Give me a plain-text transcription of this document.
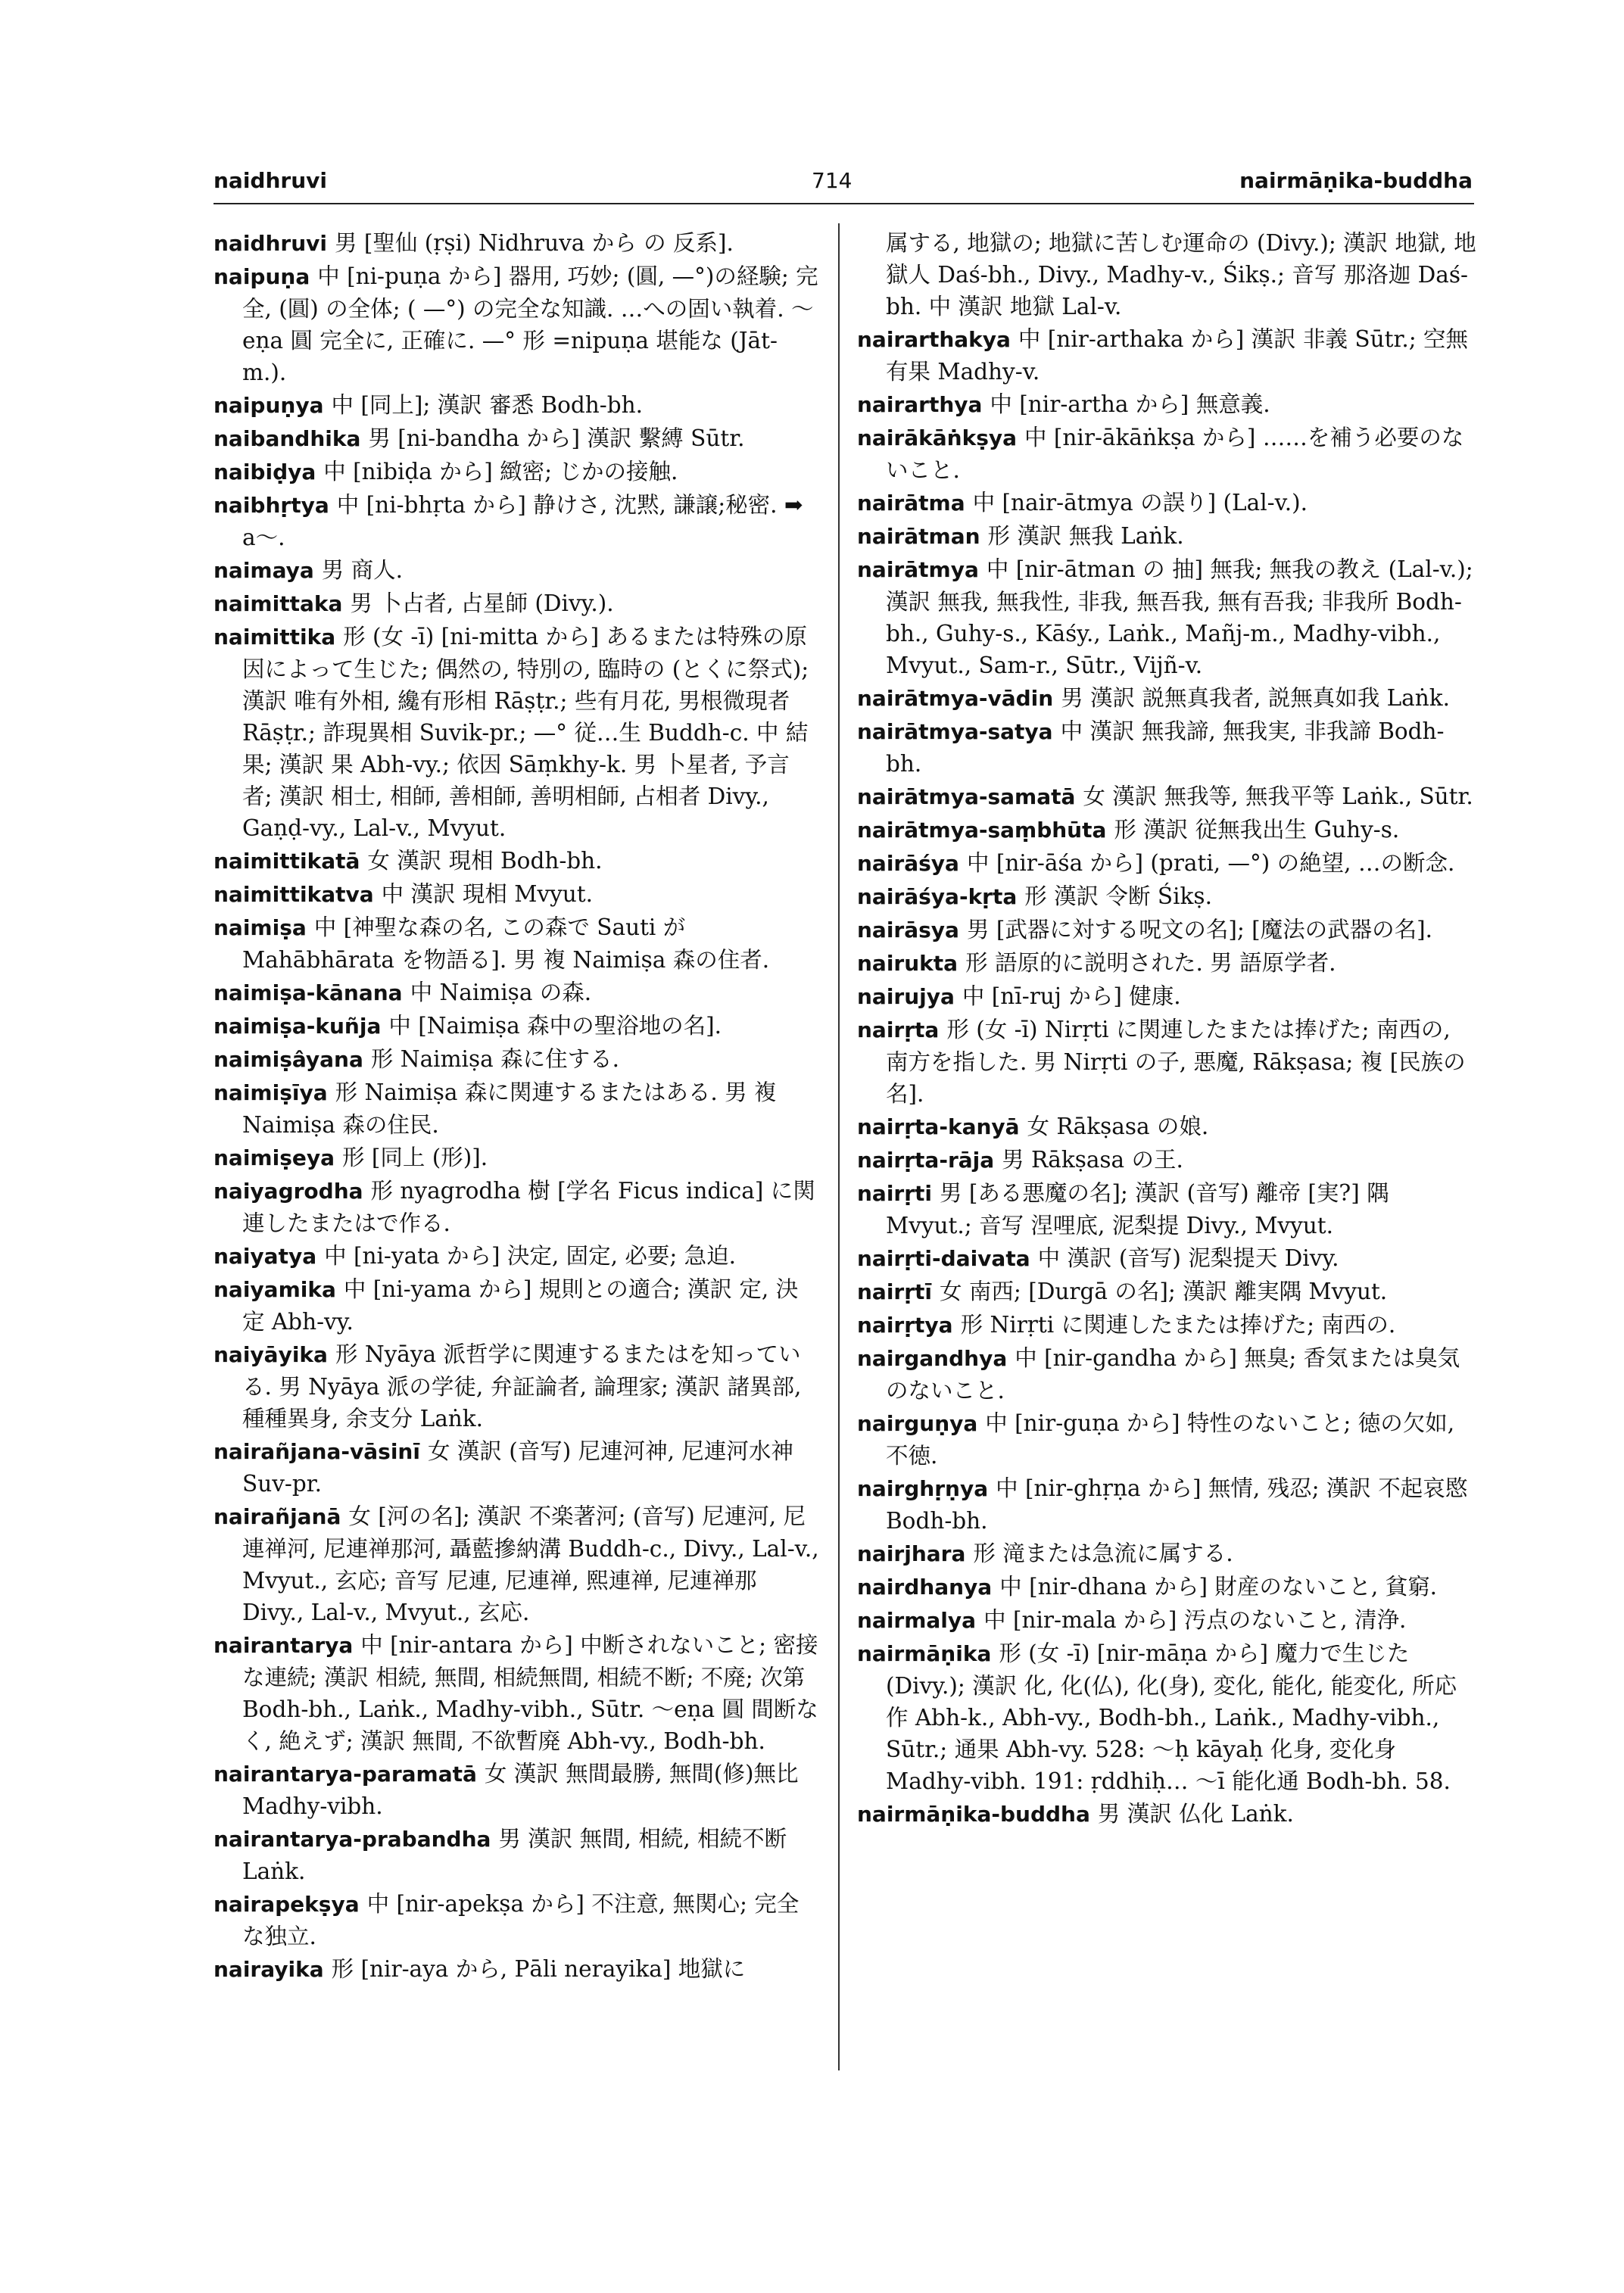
naidhruvi	714	nairmāṇika-buddha

naidhruvi 男 [聖仙 (ṛṣi) Nidhruva から の 反系].

naipuṇa 中 [ni-puṇa から] 器用, 巧妙; (圓, —°)の経験; 完全, (圓) の全体; ( —°) の完全な知識. …への固い執着. ～eṇa 圓 完全に, 正確に. —° 形 =nipuṇa 堪能な (Jāt-m.).

naipuṇya 中 [同上]; 漢訳 審悉 Bodh-bh.

naibandhika 男 [ni-bandha から] 漢訳 繫縛 Sūtr.

naibiḍya 中 [nibiḍa から] 緻密; じかの接触.

naibhṛtya 中 [ni-bhṛta から] 静けさ, 沈黙, 謙譲;秘密. ➡ a～.

naimaya 男 商人.

naimittaka 男 卜占者, 占星師 (Divy.).

naimittika 形 (女 -ī) [ni-mitta から] あるまたは特殊の原因によって生じた; 偶然の, 特別の, 臨時の (とくに祭式); 漢訳 唯有外相, 纔有形相 Rāṣṭr.; 些有月花, 男根微現者 Rāṣṭr.; 詐現異相 Suvik-pr.; —° 従…生 Buddh-c. 中 結果; 漢訳 果 Abh-vy.; 依因 Sāṃkhy-k. 男 卜星者, 予言者; 漢訳 相士, 相師, 善相師, 善明相師, 占相者 Divy., Gaṇḍ-vy., Lal-v., Mvyut.

naimittikatā 女 漢訳 現相 Bodh-bh.

naimittikatva 中 漢訳 現相 Mvyut.

naimiṣa 中 [神聖な森の名, この森で Sauti が Mahābhārata を物語る]. 男 複 Naimiṣa 森の住者.

naimiṣa-kānana 中 Naimiṣa の森.

naimiṣa-kuñja 中 [Naimiṣa 森中の聖浴地の名].

naimiṣâyana 形 Naimiṣa 森に住する.

naimiṣīya 形 Naimiṣa 森に関連するまたはある. 男 複 Naimiṣa 森の住民.

naimiṣeya 形 [同上 (形)].

naiyagrodha 形 nyagrodha 樹 [学名 Ficus indica] に関連したまたはで作る.

naiyatya 中 [ni-yata から] 決定, 固定, 必要; 急迫.

naiyamika 中 [ni-yama から] 規則との適合; 漢訳 定, 決定 Abh-vy.

naiyāyika 形 Nyāya 派哲学に関連するまたはを知っている. 男 Nyāya 派の学徒, 弁証論者, 論理家; 漢訳 諸異部, 種種異身, 余支分 Laṅk.

nairañjana-vāsinī 女 漢訳 (音写) 尼連河神, 尼連河水神 Suv-pr.

nairañjanā 女 [河の名]; 漢訳 不楽著河; (音写) 尼連河, 尼連禅河, 尼連禅那河, 聶藍摻納溝 Buddh-c., Divy., Lal-v., Mvyut., 玄応; 音写 尼連, 尼連禅, 熙連禅, 尼連禅那 Divy., Lal-v., Mvyut., 玄応.

nairantarya 中 [nir-antara から] 中断されないこと; 密接な連続; 漢訳 相続, 無間, 相続無間, 相続不断; 不廃; 次第 Bodh-bh., Laṅk., Madhy-vibh., Sūtr. ～eṇa 圓 間断なく, 絶えず; 漢訳 無間, 不欲暫廃 Abh-vy., Bodh-bh.

nairantarya-paramatā 女 漢訳 無間最勝, 無間(修)無比 Madhy-vibh.

nairantarya-prabandha 男 漢訳 無間, 相続, 相続不断 Laṅk.

nairapekṣya 中 [nir-apekṣa から] 不注意, 無関心; 完全な独立.

nairayika 形 [nir-aya から, Pāli nerayika] 地獄に

属する, 地獄の; 地獄に苦しむ運命の (Divy.); 漢訳 地獄, 地獄人 Daś-bh., Divy., Madhy-v., Śikṣ.; 音写 那洛迦 Daś-bh. 中 漢訳 地獄 Lal-v.

nairarthakya 中 [nir-arthaka から] 漢訳 非義 Sūtr.; 空無有果 Madhy-v.

nairarthya 中 [nir-artha から] 無意義.

nairākāṅkṣya 中 [nir-ākāṅkṣa から] ……を補う必要のないこと.

nairātma 中 [nair-ātmya の誤り] (Lal-v.).

nairātman 形 漢訳 無我 Laṅk.

nairātmya 中 [nir-ātman の 抽] 無我; 無我の教え (Lal-v.); 漢訳 無我, 無我性, 非我, 無吾我, 無有吾我; 非我所 Bodh-bh., Guhy-s., Kāśy., Laṅk., Mañj-m., Madhy-vibh., Mvyut., Sam-r., Sūtr., Vijñ-v.

nairātmya-vādin 男 漢訳 説無真我者, 説無真如我 Laṅk.

nairātmya-satya 中 漢訳 無我諦, 無我実, 非我諦 Bodh-bh.

nairātmya-samatā 女 漢訳 無我等, 無我平等 Laṅk., Sūtr.

nairātmya-saṃbhūta 形 漢訳 従無我出生 Guhy-s.

nairāśya 中 [nir-āśa から] (prati, —°) の絶望, …の断念.

nairāśya-kṛta 形 漢訳 令断 Śikṣ.

nairāsya 男 [武器に対する呪文の名]; [魔法の武器の名].

nairukta 形 語原的に説明された. 男 語原学者.

nairujya 中 [nī-ruj から] 健康.

nairṛta 形 (女 -ī) Nirṛti に関連したまたは捧げた; 南西の, 南方を指した. 男 Nirṛti の子, 悪魔, Rākṣasa; 複 [民族の名].

nairṛta-kanyā 女 Rākṣasa の娘.

nairṛta-rāja 男 Rākṣasa の王.

nairṛti 男 [ある悪魔の名]; 漢訳 (音写) 離帝 [実?] 隅 Mvyut.; 音写 涅哩底, 泥梨提 Divy., Mvyut.

nairṛti-daivata 中 漢訳 (音写) 泥梨提天 Divy.

nairṛtī 女 南西; [Durgā の名]; 漢訳 離実隅 Mvyut.

nairṛtya 形 Nirṛti に関連したまたは捧げた; 南西の.

nairgandhya 中 [nir-gandha から] 無臭; 香気または臭気のないこと.

nairguṇya 中 [nir-guṇa から] 特性のないこと; 徳の欠如, 不徳.

nairghṛṇya 中 [nir-ghṛṇa から] 無情, 残忍; 漢訳 不起哀愍 Bodh-bh.

nairjhara 形 滝または急流に属する.

nairdhanya 中 [nir-dhana から] 財産のないこと, 貧窮.

nairmalya 中 [nir-mala から] 汚点のないこと, 清浄.

nairmāṇika 形 (女 -ī) [nir-māṇa から] 魔力で生じた (Divy.); 漢訳 化, 化(仏), 化(身), 変化, 能化, 能変化, 所応作 Abh-k., Abh-vy., Bodh-bh., Laṅk., Madhy-vibh., Sūtr.; 通果 Abh-vy. 528: ～ḥ kāyaḥ 化身, 変化身 Madhy-vibh. 191: ṛddhiḥ… ～ī 能化通 Bodh-bh. 58.

nairmāṇika-buddha 男 漢訳 仏化 Laṅk.
